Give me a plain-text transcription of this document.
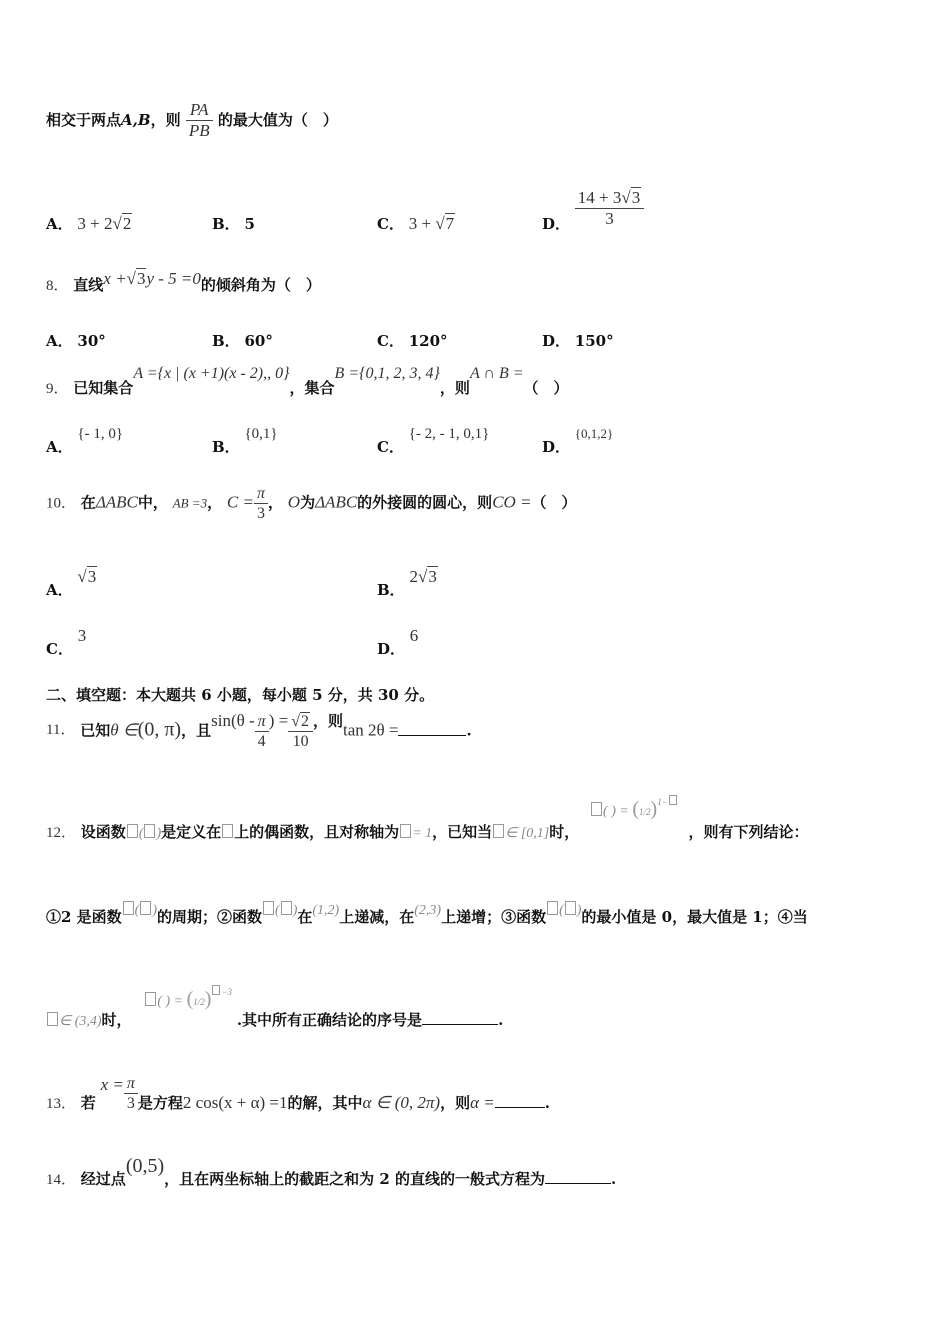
相交于两点A,B，则 $\frac{PA}{PB}$ 的最大值为（　）
A． 3 + 2√2	B． 5	C． 3 + √7	D． $\frac{14 + 3√3}{3}$
8． 直线x +√3y - 5 =0的倾斜角为（　）
A． 30°	B． 60°	C． 120°	D． 150°
9． 已知集合A ={x | (x +1)(x - 2),, 0}，集合B ={0,1, 2, 3, 4}，则A ∩ B =（　）
A． {- 1, 0}
B． {0,1}
C． {- 2, - 1, 0,1}
D． {0,1,2}
10． 在ΔABC中， AB =3， $C = \frac{\pi}{3}$ ， O为ΔABC的外接圆的圆心，则CO =（　）
A． √3
B． 2√3
C． 3
D． 6
二、填空题：本大题共 6 小题，每小题 5 分，共 30 分。
11． 已知θ ∈(0, π)，且$\sin(\theta - \frac{\pi}{4}$ ) = $\frac{√2}{10}$ ，则tan 2θ =	.
12． 设函数 ( )是定义在 上的偶函数，且对称轴为 = 1，已知当 ∈ [0,1]时， ( ) = $(1/2)^{1-}$ ，则有下列结论：
①2 是函数 ( )的周期；②函数 ( )在(1,2)上递减，在(2,3)上递增；③函数 ( )的最小值是 0，最大值是 1；④当
∈ (3,4)时， ( ) = (1/2) $^{-3}$ .其中所有正确结论的序号是	.
13． 若 $x = \frac{\pi}{3}$ 是方程2 cos(x + α) =1的解，其中α ∈ (0, 2π)，则α =	.
14． 经过点(0,5)，且在两坐标轴上的截距之和为 2 的直线的一般式方程为	.
